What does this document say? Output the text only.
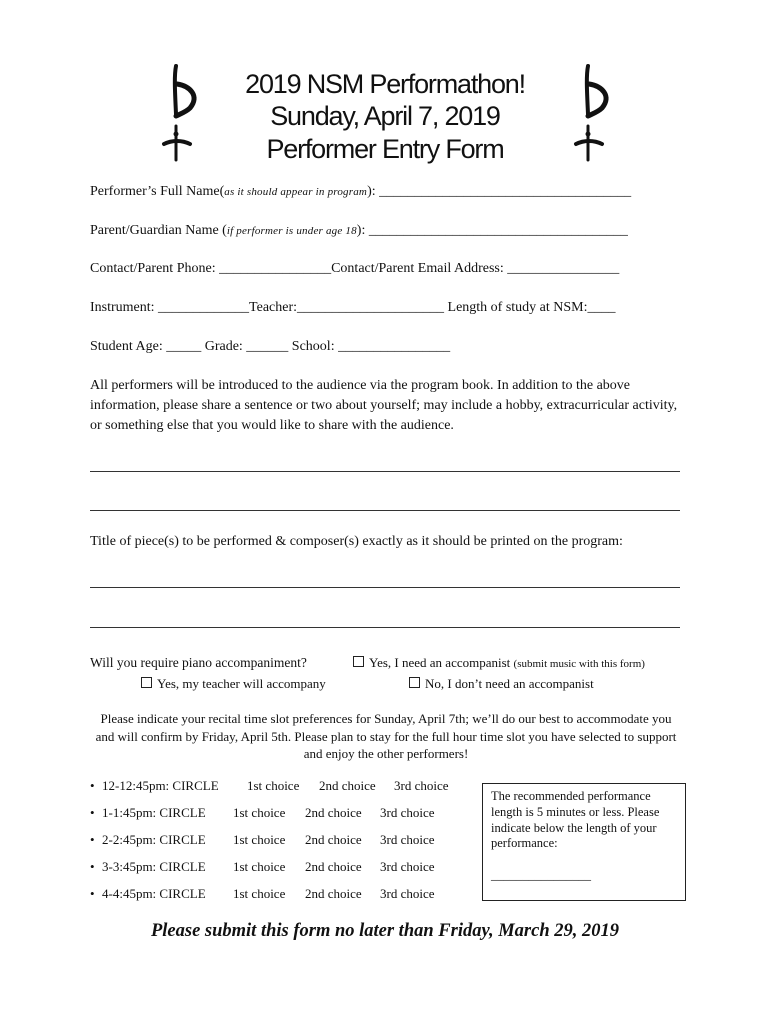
2019 NSM Performathon!
Sunday, April 7, 2019
Performer Entry Form
Performer’s Full Name(as it should appear in program): ____________________________________
Parent/Guardian Name (if performer is under age 18): _____________________________________
Contact/Parent Phone: ________________Contact/Parent Email Address: ________________
Instrument: _____________Teacher:_____________________ Length of study at NSM:____
Student Age: _____ Grade: ______ School: ________________
All performers will be introduced to the audience via the program book. In addition to the above information, please share a sentence or two about yourself; may include a hobby, extracurricular activity, or something else that you would like to share with the audience.
Title of piece(s) to be performed & composer(s) exactly as it should be printed on the program:
Will you require piano accompaniment?	Yes, I need an accompanist (submit music with this form)
Yes, my teacher will accompany	No, I don’t need an accompanist
Please indicate your recital time slot preferences for Sunday, April 7th; we’ll do our best to accommodate you and will confirm by Friday, April 5th. Please plan to stay for the full hour time slot you have selected to support and enjoy the other performers!
• 12-12:45pm: CIRCLE 1st choice 2nd choice 3rd choice
• 1-1:45pm: CIRCLE 1st choice 2nd choice 3rd choice
• 2-2:45pm: CIRCLE 1st choice 2nd choice 3rd choice
• 3-3:45pm: CIRCLE 1st choice 2nd choice 3rd choice
• 4-4:45pm: CIRCLE 1st choice 2nd choice 3rd choice
The recommended performance length is 5 minutes or less. Please indicate below the length of your performance:
________________
Please submit this form no later than Friday, March 29, 2019
